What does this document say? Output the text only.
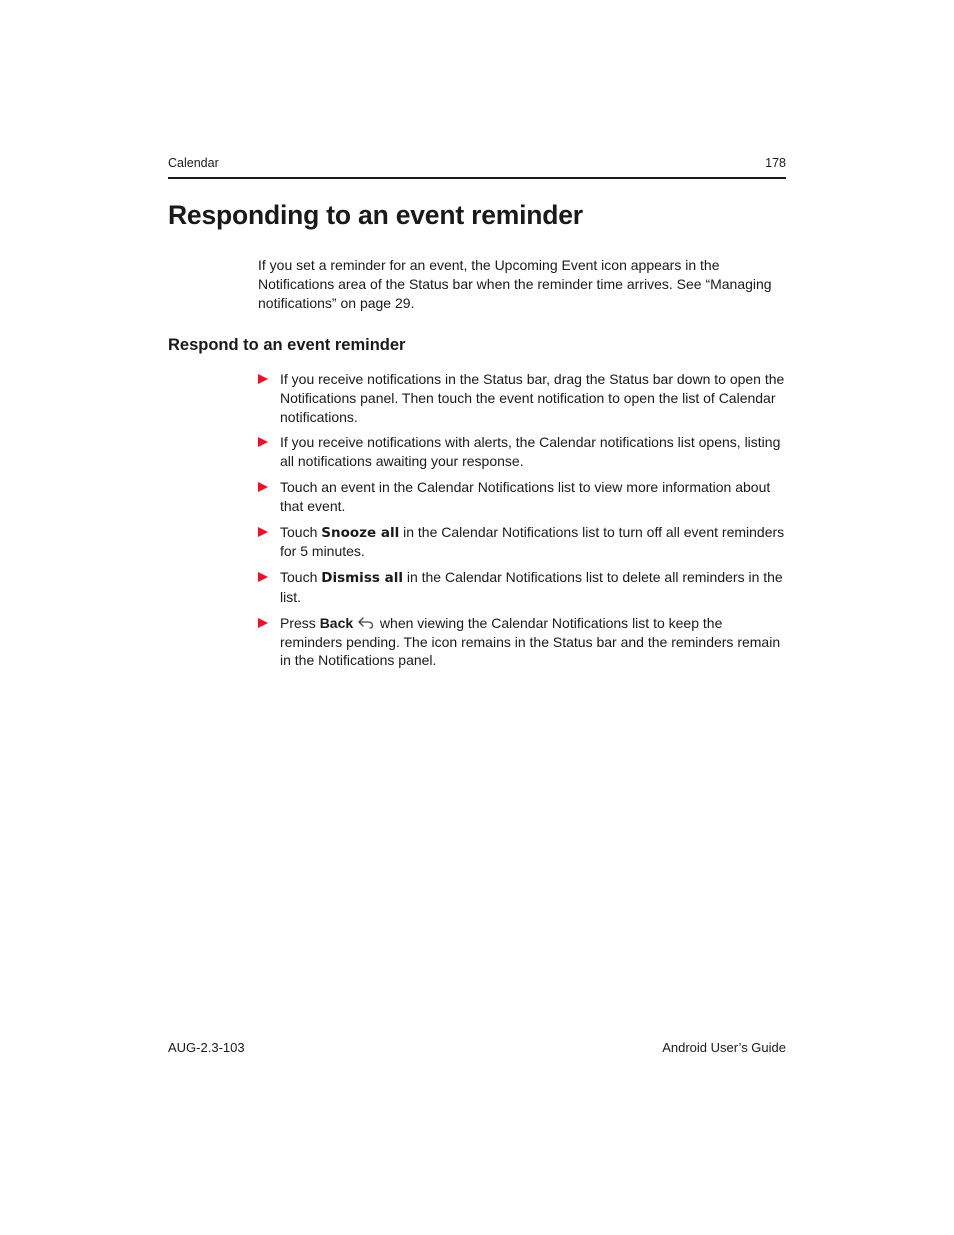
Calendar	178
Responding to an event reminder

If you set a reminder for an event, the Upcoming Event icon appears in the Notifications area of the Status bar when the reminder time arrives. See “Managing notifications” on page 29.

Respond to an event reminder
If you receive notifications in the Status bar, drag the Status bar down to open the Notifications panel. Then touch the event notification to open the list of Calendar notifications.
If you receive notifications with alerts, the Calendar notifications list opens, listing all notifications awaiting your response.
Touch an event in the Calendar Notifications list to view more information about that event.
Touch Snooze all in the Calendar Notifications list to turn off all event reminders for 5 minutes.
Touch Dismiss all in the Calendar Notifications list to delete all reminders in the list.
Press Back  when viewing the Calendar Notifications list to keep the reminders pending. The icon remains in the Status bar and the reminders remain in the Notifications panel.
AUG-2.3-103	Android User’s Guide
